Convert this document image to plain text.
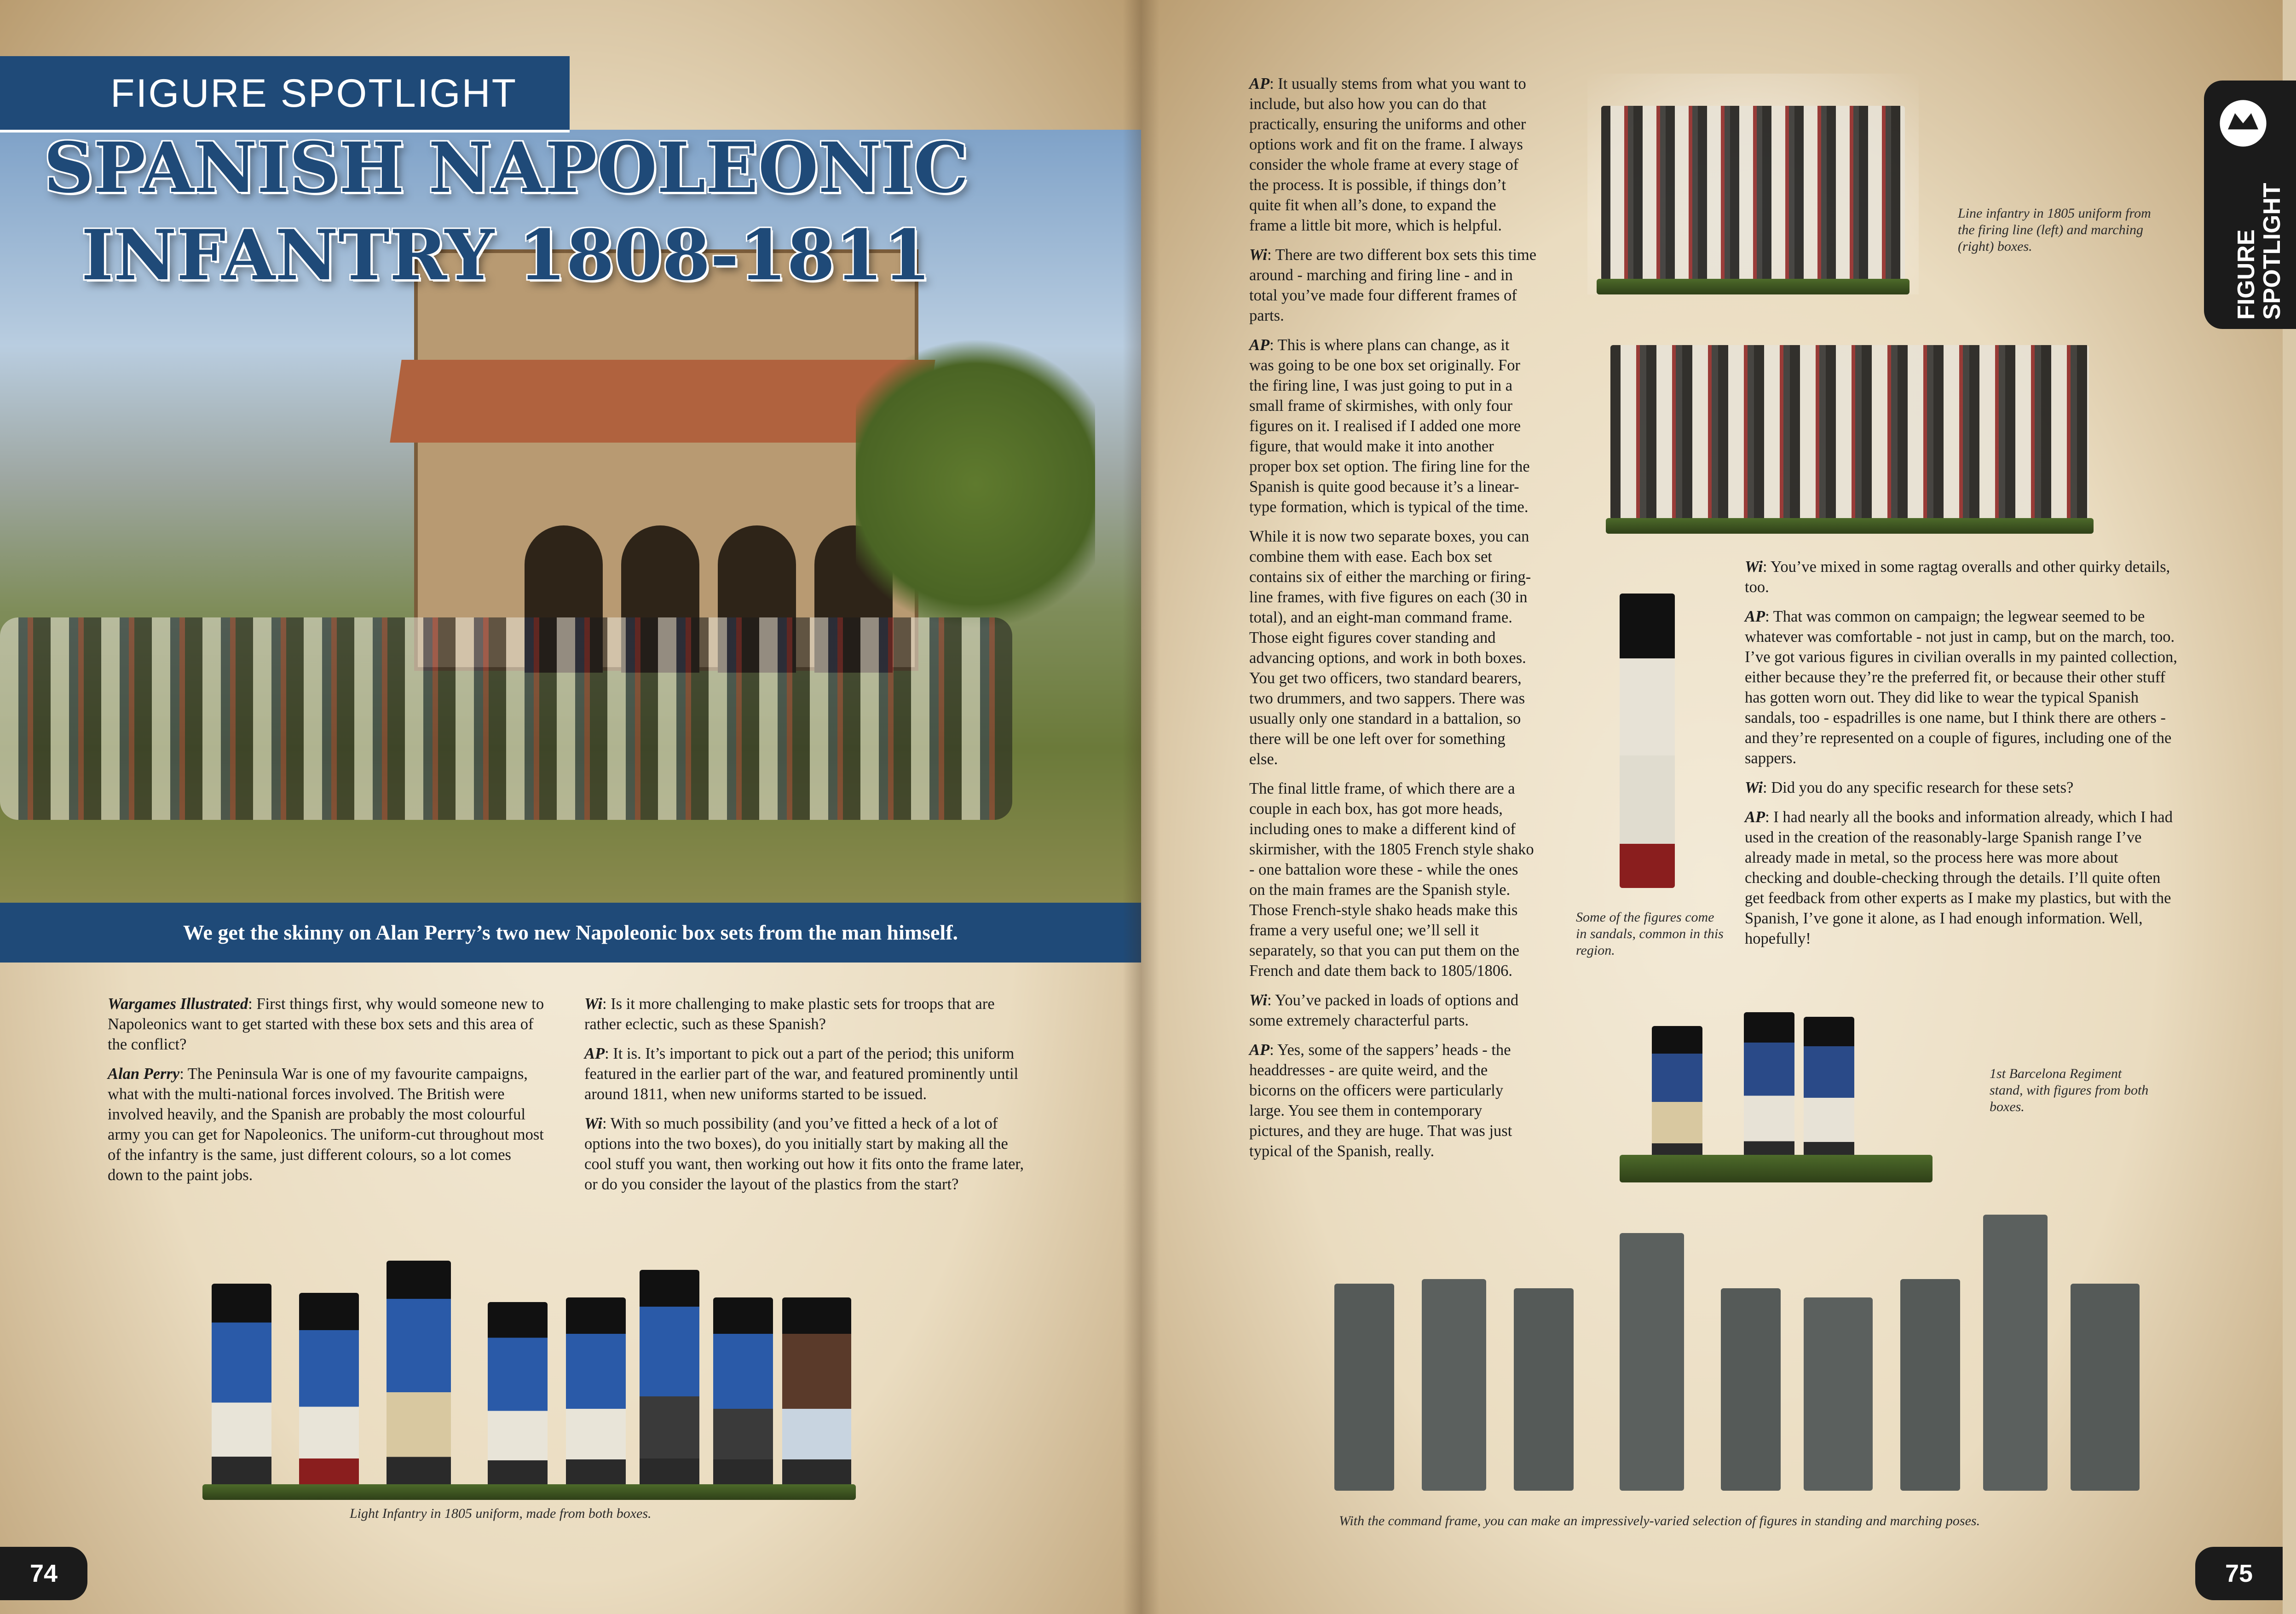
FIGURE SPOTLIGHT
SPANISH NAPOLEONIC
INFANTRY 1808-1811
We get the skinny on Alan Perry’s two new Napoleonic box sets from the man himself.

Wargames Illustrated: First things first, why would someone new to Napoleonics want to get started with these box sets and this area of the conflict?

Alan Perry: The Peninsula War is one of my favourite campaigns, what with the multi-national forces involved. The British were involved heavily, and the Spanish are probably the most colourful army you can get for Napoleonics. The uniform-cut throughout most of the infantry is the same, just different colours, so a lot comes down to the paint jobs.

Wi: Is it more challenging to make plastic sets for troops that are rather eclectic, such as these Spanish?

AP: It is. It’s important to pick out a part of the period; this uniform featured in the earlier part of the war, and featured prominently until around 1811, when new uniforms started to be issued.

Wi: With so much possibility (and you’ve fitted a heck of a lot of options into the two boxes), do you initially start by making all the cool stuff you want, then working out how it fits onto the frame later, or do you consider the layout of the plastics from the start?

Light Infantry in 1805 uniform, made from both boxes.
74

AP: It usually stems from what you want to include, but also how you can do that practically, ensuring the uniforms and other options work and fit on the frame. I always consider the whole frame at every stage of the process. It is possible, if things don’t quite fit when all’s done, to expand the frame a little bit more, which is helpful.

Wi: There are two different box sets this time around - marching and firing line - and in total you’ve made four different frames of parts.

AP: This is where plans can change, as it was going to be one box set originally. For the firing line, I was just going to put in a small frame of skirmishes, with only four figures on it. I realised if I added one more figure, that would make it into another proper box set option. The firing line for the Spanish is quite good because it’s a linear-type formation, which is typical of the time.

While it is now two separate boxes, you can combine them with ease. Each box set contains six of either the marching or firing-line frames, with five figures on each (30 in total), and an eight-man command frame. Those eight figures cover standing and advancing options, and work in both boxes. You get two officers, two standard bearers, two drummers, and two sappers. There was usually only one standard in a battalion, so there will be one left over for something else.

The final little frame, of which there are a couple in each box, has got more heads, including ones to make a different kind of skirmisher, with the 1805 French style shako - one battalion wore these - while the ones on the main frames are the Spanish style. Those French-style shako heads make this frame a very useful one; we’ll sell it separately, so that you can put them on the French and date them back to 1805/1806.

Wi: You’ve packed in loads of options and some extremely characterful parts.

AP: Yes, some of the sappers’ heads - the headdresses - are quite weird, and the bicorns on the officers were particularly large. You see them in contemporary pictures, and they are huge. That was just typical of the Spanish, really.

Line infantry in 1805 uniform from the firing line (left) and marching (right) boxes.
Some of the figures come in sandals, common in this region.

Wi: You’ve mixed in some ragtag overalls and other quirky details, too.

AP: That was common on campaign; the legwear seemed to be whatever was comfortable - not just in camp, but on the march, too. I’ve got various figures in civilian overalls in my painted collection, either because they’re the preferred fit, or because their other stuff has gotten worn out. They did like to wear the typical Spanish sandals, too - espadrilles is one name, but I think there are others - and they’re represented on a couple of figures, including one of the sappers.

Wi: Did you do any specific research for these sets?

AP: I had nearly all the books and information already, which I had used in the creation of the reasonably-large Spanish range I’ve already made in metal, so the process here was more about checking and double-checking through the details. I’ll quite often get feedback from other experts as I make my plastics, but with the Spanish, I’ve gone it alone, as I had enough information. Well, hopefully!

1st Barcelona Regiment stand, with figures from both boxes.
With the command frame, you can make an impressively-varied selection of figures in standing and marching poses.
FIGURE
SPOTLIGHT
75
